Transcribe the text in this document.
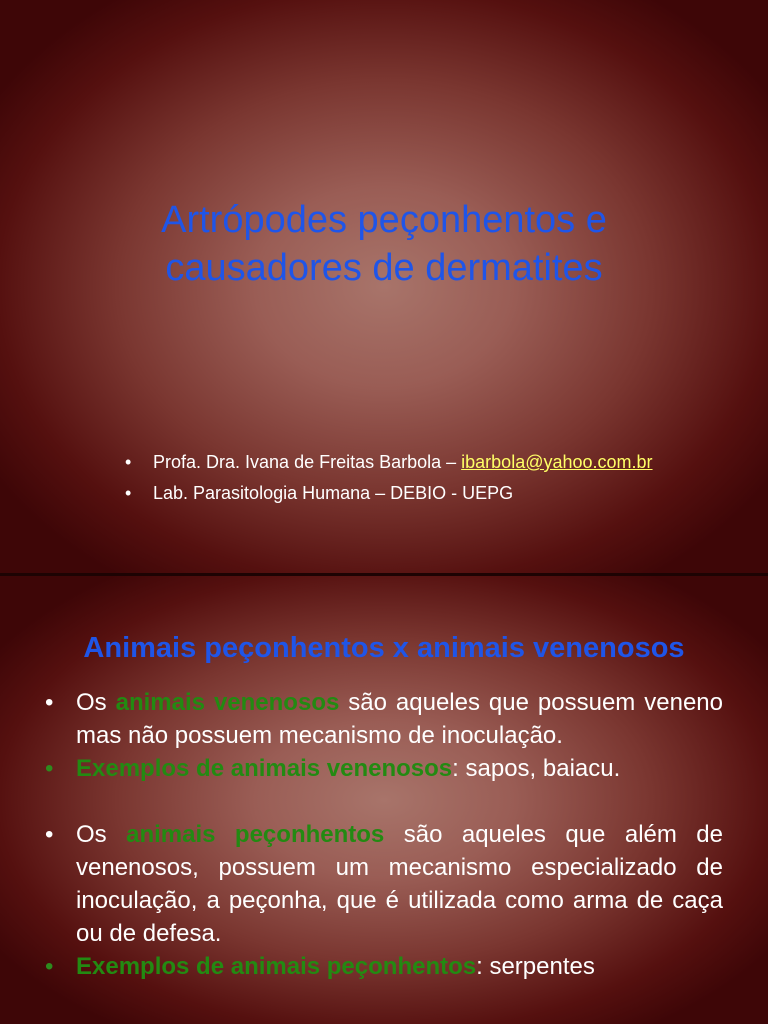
Artrópodes peçonhentos e
causadores de dermatites
• Profa. Dra. Ivana de Freitas Barbola – ibarbola@yahoo.com.br
• Lab. Parasitologia Humana – DEBIO - UEPG
Animais peçonhentos x animais venenosos
• Os animais venenosos são aqueles que possuem veneno mas não possuem mecanismo de inoculação.
• Exemplos de animais venenosos: sapos, baiacu.
• Os animais peçonhentos são aqueles que além de venenosos, possuem um mecanismo especializado de inoculação, a peçonha, que é utilizada como arma de caça ou de defesa.
• Exemplos de animais peçonhentos: serpentes
